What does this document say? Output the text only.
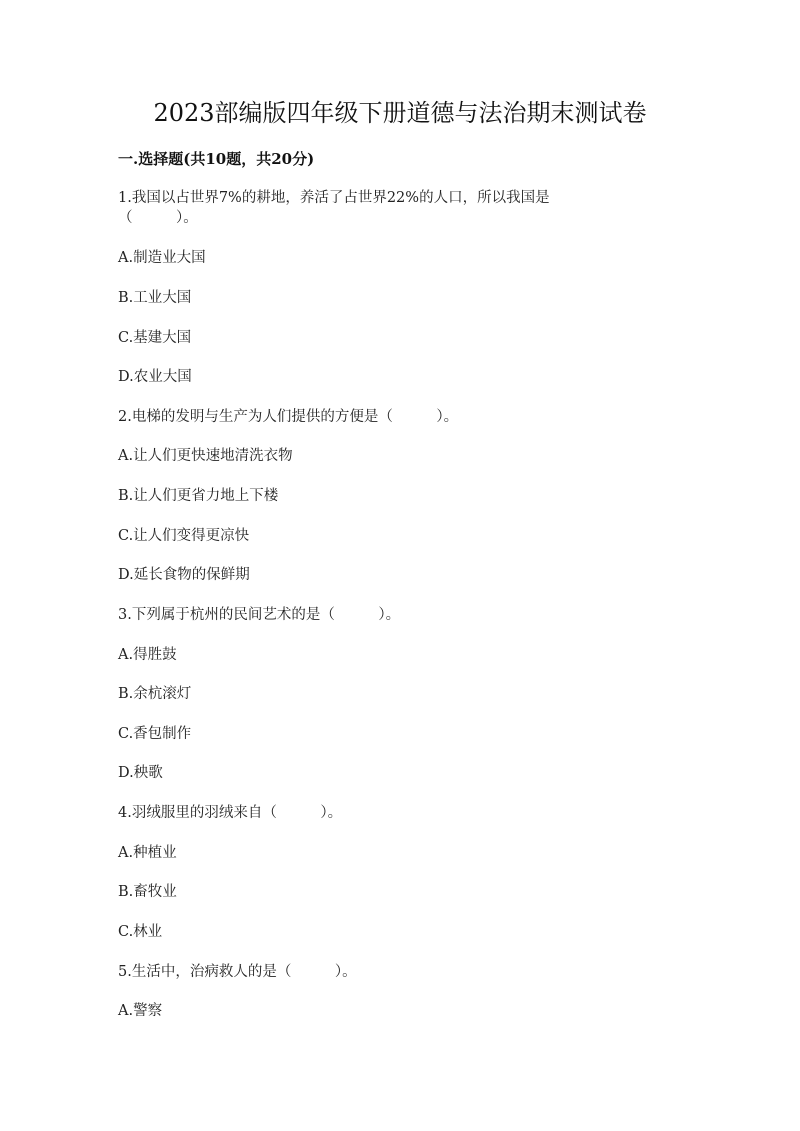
2023部编版四年级下册道德与法治期末测试卷
一.选择题(共10题，共20分)
1.我国以占世界7%的耕地，养活了占世界22%的人口，所以我国是
（　　　）。
A.制造业大国
B.工业大国
C.基建大国
D.农业大国
2.电梯的发明与生产为人们提供的方便是（　　　）。
A.让人们更快速地清洗衣物
B.让人们更省力地上下楼
C.让人们变得更凉快
D.延长食物的保鲜期
3.下列属于杭州的民间艺术的是（　　　）。
A.得胜鼓
B.余杭滚灯
C.香包制作
D.秧歌
4.羽绒服里的羽绒来自（　　　）。
A.种植业
B.畜牧业
C.林业
5.生活中，治病救人的是（　　　）。
A.警察
